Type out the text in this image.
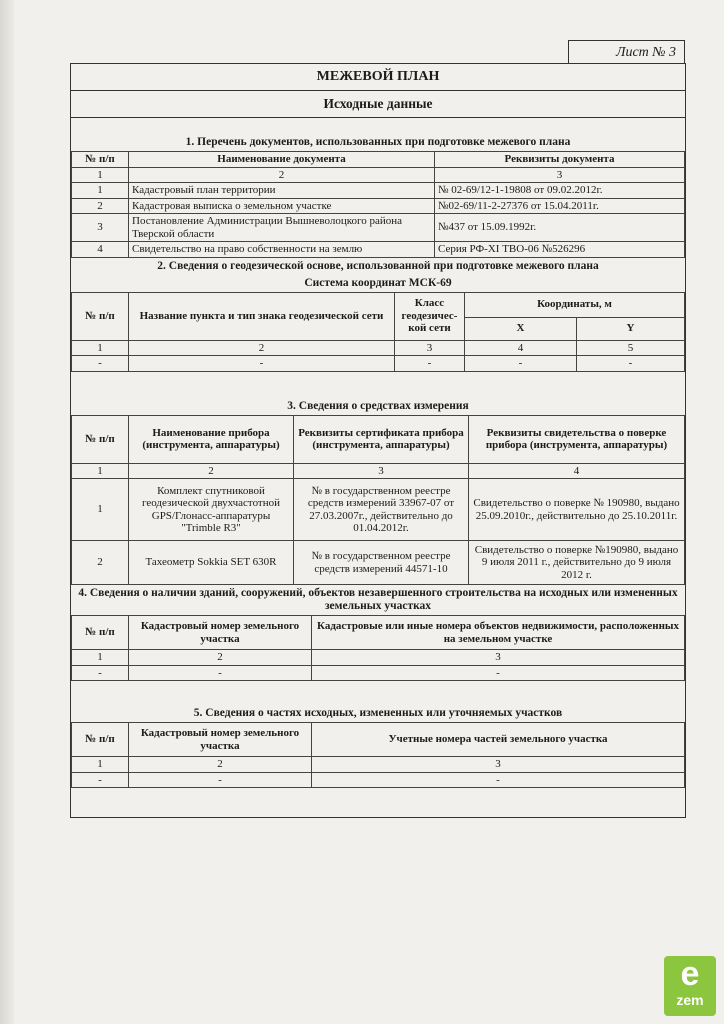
Лист № 3
МЕЖЕВОЙ ПЛАН
Исходные данные
1. Перечень документов, использованных при подготовке межевого плана
№ п/п	Наименование документа	Реквизиты документа
1	2	3
1	Кадастровый план территории	№ 02-69/12-1-19808 от 09.02.2012г.
2	Кадастровая выписка о земельном участке	№02-69/11-2-27376 от 15.04.2011г.
3	Постановление Администрации Вышневолоцкого района Тверской области	№437 от 15.09.1992г.
4	Свидетельство на право собственности на землю	Серия РФ-XI ТВО-06 №526296
2. Сведения о геодезической основе, использованной при подготовке межевого плана
Система координат МСК-69
№ п/п	Название пункта и тип знака геодезической сети	Класс геодезичес-кой сети	Координаты, м	
			X	Y
1	2	3	4	5
-	-	-	-	-
3. Сведения о средствах измерения
№ п/п	Наименование прибора (инструмента, аппаратуры)	Реквизиты сертификата прибора (инструмента, аппаратуры)	Реквизиты свидетельства о поверке прибора (инструмента, аппаратуры)
1	2	3	4
1	Комплект спутниковой геодезической двухчастотной GPS/Глонасс-аппаратуры "Trimble R3"	№ в государственном реестре средств измерений 33967-07 от 27.03.2007г., действительно до 01.04.2012г.	Свидетельство о поверке № 190980, выдано 25.09.2010г., действительно до 25.10.2011г.
2	Тахеометр Sokkia SET 630R	№ в государственном реестре средств измерений 44571-10	Свидетельство о поверке №190980, выдано 9 июля 2011 г., действительно до 9 июля 2012 г.
4. Сведения о наличии зданий, сооружений, объектов незавершенного строительства на исходных или измененных земельных участках
№ п/п	Кадастровый номер земельного участка	Кадастровые или иные номера объектов недвижимости, расположенных на земельном участке
1	2	3
-	-	-
5. Сведения о частях исходных, измененных или уточняемых участков
№ п/п	Кадастровый номер земельного участка	Учетные номера частей земельного участка
1	2	3
-	-	-
e
zem
